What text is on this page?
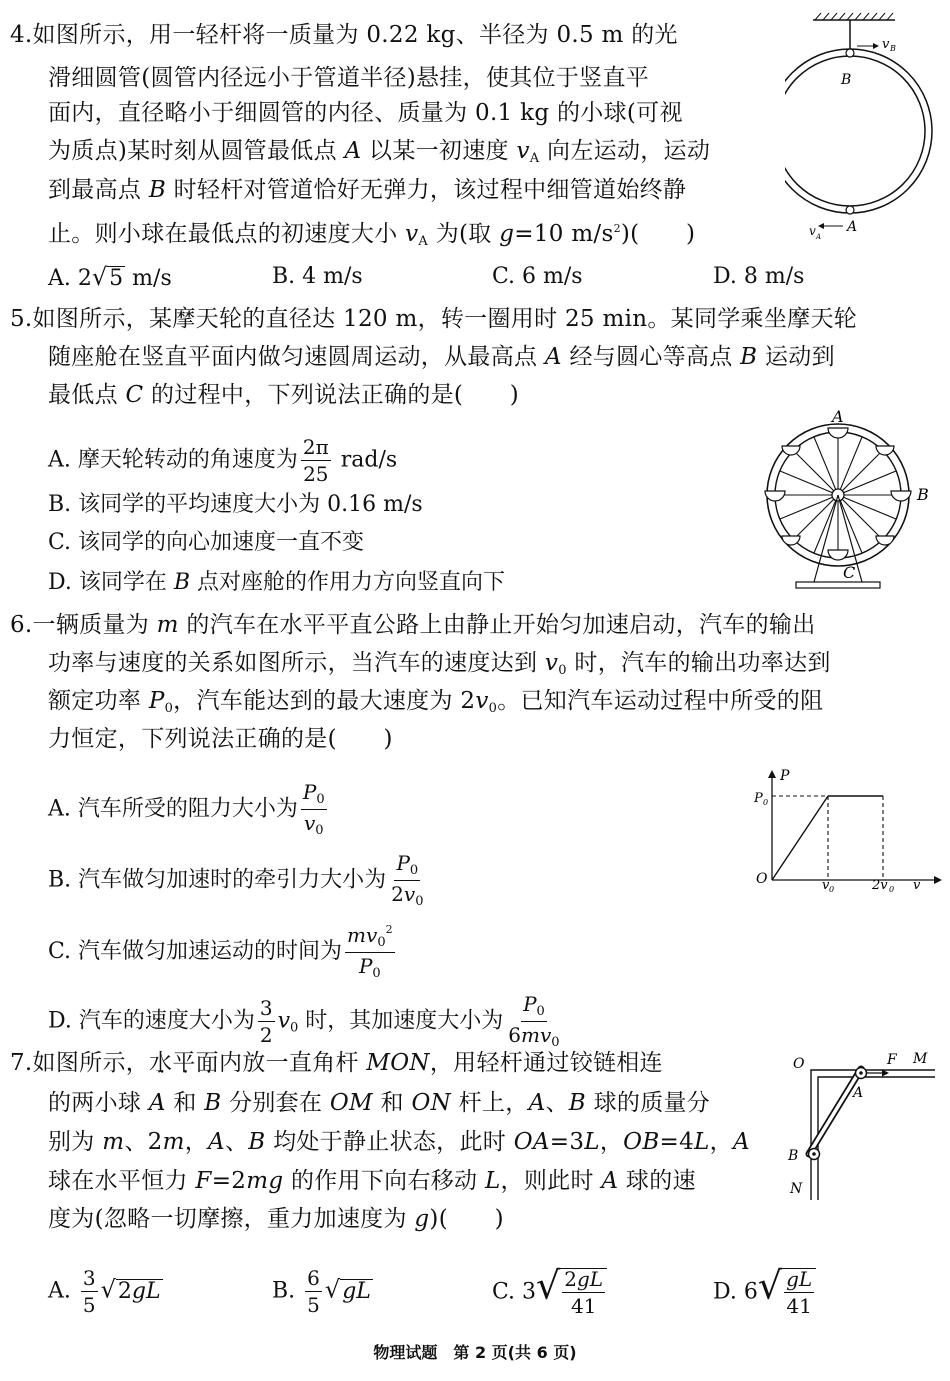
4.如图所示，用一轻杆将一质量为 0.22 kg、半径为 0.5 m 的光
滑细圆管(圆管内径远小于管道半径)悬挂，使其位于竖直平
面内，直径略小于细圆管的内径、质量为 0.1 kg 的小球(可视
为质点)某时刻从圆管最低点 A 以某一初速度 $v_A$ 向左运动，运动
到最高点 B 时轻杆对管道恰好无弹力，该过程中细管道始终静
止。则小球在最低点的初速度大小 $v_A$ 为(取 g=10 $m/s^2$)(　　)
A. 2√5 m/s	B. 4 m/s	C. 6 m/s	D. 8 m/s
v B
B
A
v A
5.如图所示，某摩天轮的直径达 120 m，转一圈用时 25 min。某同学乘坐摩天轮
随座舱在竖直平面内做匀速圆周运动，从最高点 A 经与圆心等高点 B 运动到
最低点 C 的过程中，下列说法正确的是(　　)
A. 摩天轮转动的角速度为 $\frac{2\pi}{25} rad/s$
B. 该同学的平均速度大小为 0.16 m/s
C. 该同学的向心加速度一直不变
D. 该同学在 B 点对座舱的作用力方向竖直向下
A
B
C
6.一辆质量为 m 的汽车在水平平直公路上由静止开始匀加速启动，汽车的输出
功率与速度的关系如图所示，当汽车的速度达到 $v_0$ 时，汽车的输出功率达到
额定功率 $P_0$，汽车能达到的最大速度为 $2v_0$。已知汽车运动过程中所受的阻
力恒定，下列说法正确的是(　　)
A. 汽车所受的阻力大小为 $\frac{P_0}{v_0}$
B. 汽车做匀加速时的牵引力大小为 $\frac{P_0}{2v_0}$
C. 汽车做匀加速运动的时间为 $\frac{mv_0^2}{P_0}$
D. 汽车的速度大小为 $\frac{3}{2} v_0$ 时，其加速度大小为 $\frac{P_0}{6mv_0}$
P
P 0
O	v 0	2v 0 v
7.如图所示，水平面内放一直角杆 MON，用轻杆通过铰链相连
的两小球 A 和 B 分别套在 OM 和 ON 杆上，A、B 球的质量分
别为 m、2m，A、B 均处于静止状态，此时 OA=3L，OB=4L，A
球在水平恒力 F=2mg 的作用下向右移动 L，则此时 A 球的速
度为(忽略一切摩擦，重力加速度为 g)(　　)
A. $\frac{3}{5} √2gL$	B. $\frac{6}{5} √gL$	C. $3√ \frac{2gL}{41}$	D. $6√ \frac{gL}{41}$
O	F M
A
B
N
物理试题　第 2 页(共 6 页)
